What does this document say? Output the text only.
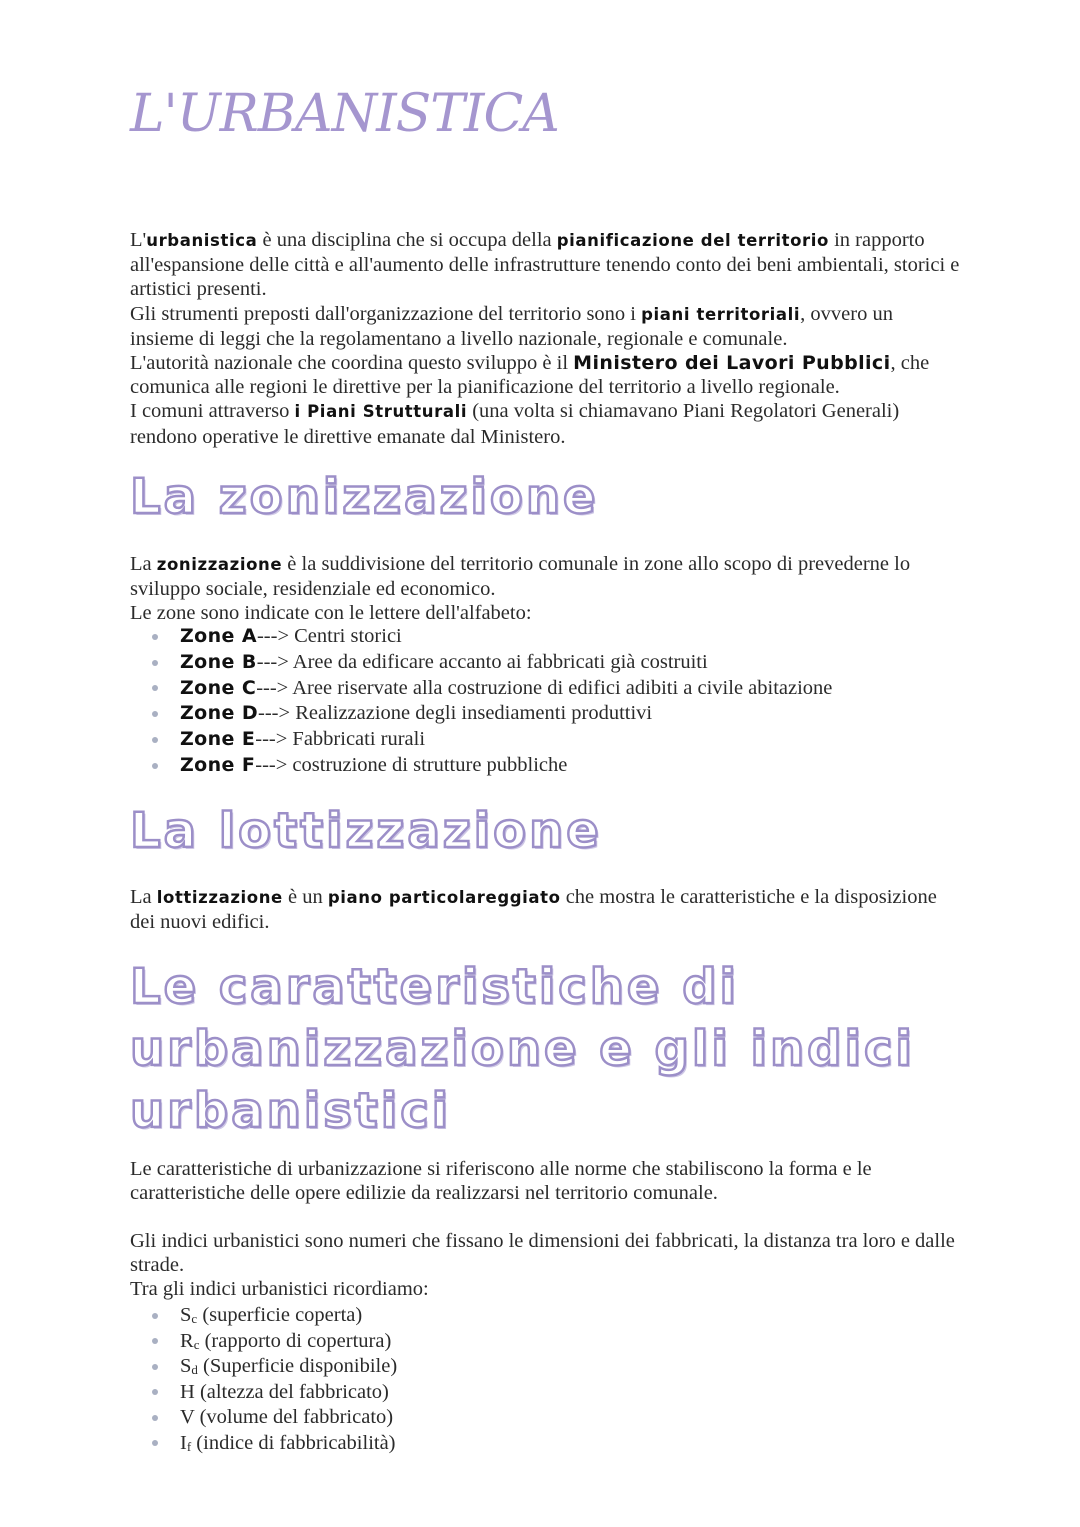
L'URBANISTICA

L'urbanistica è una disciplina che si occupa della pianificazione del territorio in rapporto all'espansione delle città e all'aumento delle infrastrutture tenendo conto dei beni ambientali, storici e artistici presenti.
Gli strumenti preposti dall'organizzazione del territorio sono i piani territoriali, ovvero un insieme di leggi che la regolamentano a livello nazionale, regionale e comunale.
L'autorità nazionale che coordina questo sviluppo è il Ministero dei Lavori Pubblici, che comunica alle regioni le direttive per la pianificazione del territorio a livello regionale.
I comuni attraverso i Piani Strutturali (una volta si chiamavano Piani Regolatori Generali) rendono operative le direttive emanate dal Ministero.

La zonizzazione

La zonizzazione è la suddivisione del territorio comunale in zone allo scopo di prevederne lo sviluppo sociale, residenziale ed economico.
Le zone sono indicate con le lettere dell'alfabeto:

Zone A---> Centri storici
Zone B---> Aree da edificare accanto ai fabbricati già costruiti
Zone C---> Aree riservate alla costruzione di edifici adibiti a civile abitazione
Zone D---> Realizzazione degli insediamenti produttivi
Zone E---> Fabbricati rurali
Zone F---> costruzione di strutture pubbliche
La lottizzazione

La lottizzazione è un piano particolareggiato che mostra le caratteristiche e la disposizione dei nuovi edifici.

Le caratteristiche di
urbanizzazione e gli indici
urbanistici

Le caratteristiche di urbanizzazione si riferiscono alle norme che stabiliscono la forma e le caratteristiche delle opere edilizie da realizzarsi nel territorio comunale.

Gli indici urbanistici sono numeri che fissano le dimensioni dei fabbricati, la distanza tra loro e dalle strade.
Tra gli indici urbanistici ricordiamo:

Sc (superficie coperta)
Rc (rapporto di copertura)
Sd (Superficie disponibile)
H (altezza del fabbricato)
V (volume del fabbricato)
If (indice di fabbricabilità)
